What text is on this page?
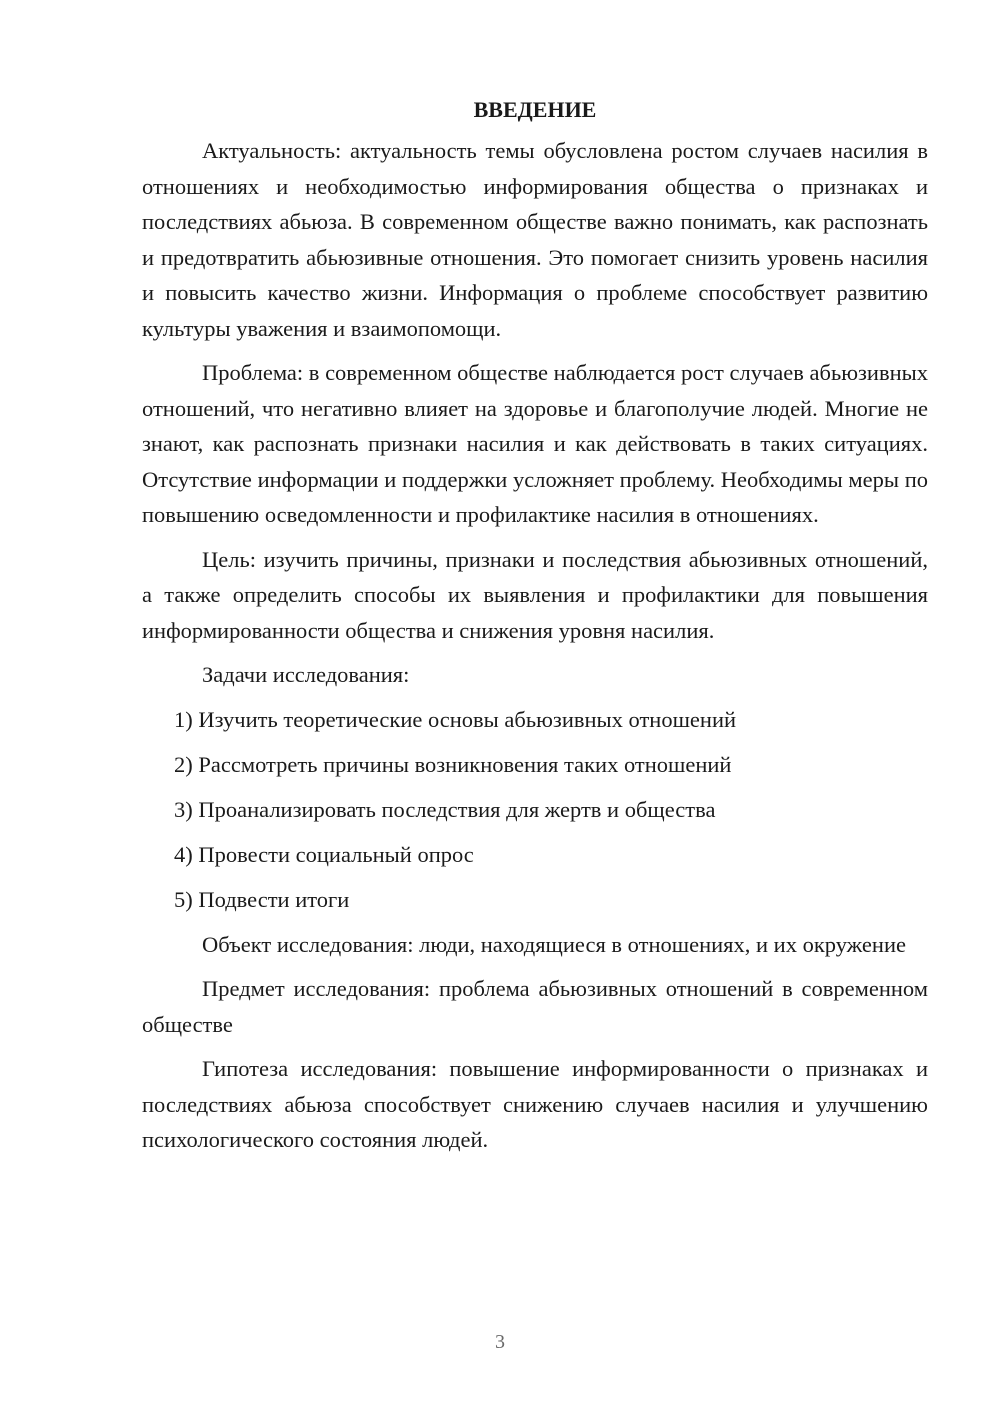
ВВЕДЕНИЕ

Актуальность: актуальность темы обусловлена ростом случаев насилия в отношениях и необходимостью информирования общества о признаках и последствиях абьюза. В современном обществе важно понимать, как распознать и предотвратить абьюзивные отношения. Это помогает снизить уровень насилия и повысить качество жизни. Информация о проблеме способствует развитию культуры уважения и взаимопомощи.

Проблема: в современном обществе наблюдается рост случаев абьюзивных отношений, что негативно влияет на здоровье и благополучие людей. Многие не знают, как распознать признаки насилия и как действовать в таких ситуациях. Отсутствие информации и поддержки усложняет проблему. Необходимы меры по повышению осведомленности и профилактике насилия в отношениях.

Цель: изучить причины, признаки и последствия абьюзивных отношений, а также определить способы их выявления и профилактики для повышения информированности общества и снижения уровня насилия.

Задачи исследования:

1) Изучить теоретические основы абьюзивных отношений
2) Рассмотреть причины возникновения таких отношений
3) Проанализировать последствия для жертв и общества
4) Провести социальный опрос
5) Подвести итоги

Объект исследования: люди, находящиеся в отношениях, и их окружение

Предмет исследования: проблема абьюзивных отношений в современном обществе

Гипотеза исследования: повышение информированности о признаках и последствиях абьюза способствует снижению случаев насилия и улучшению психологического состояния людей.

3
